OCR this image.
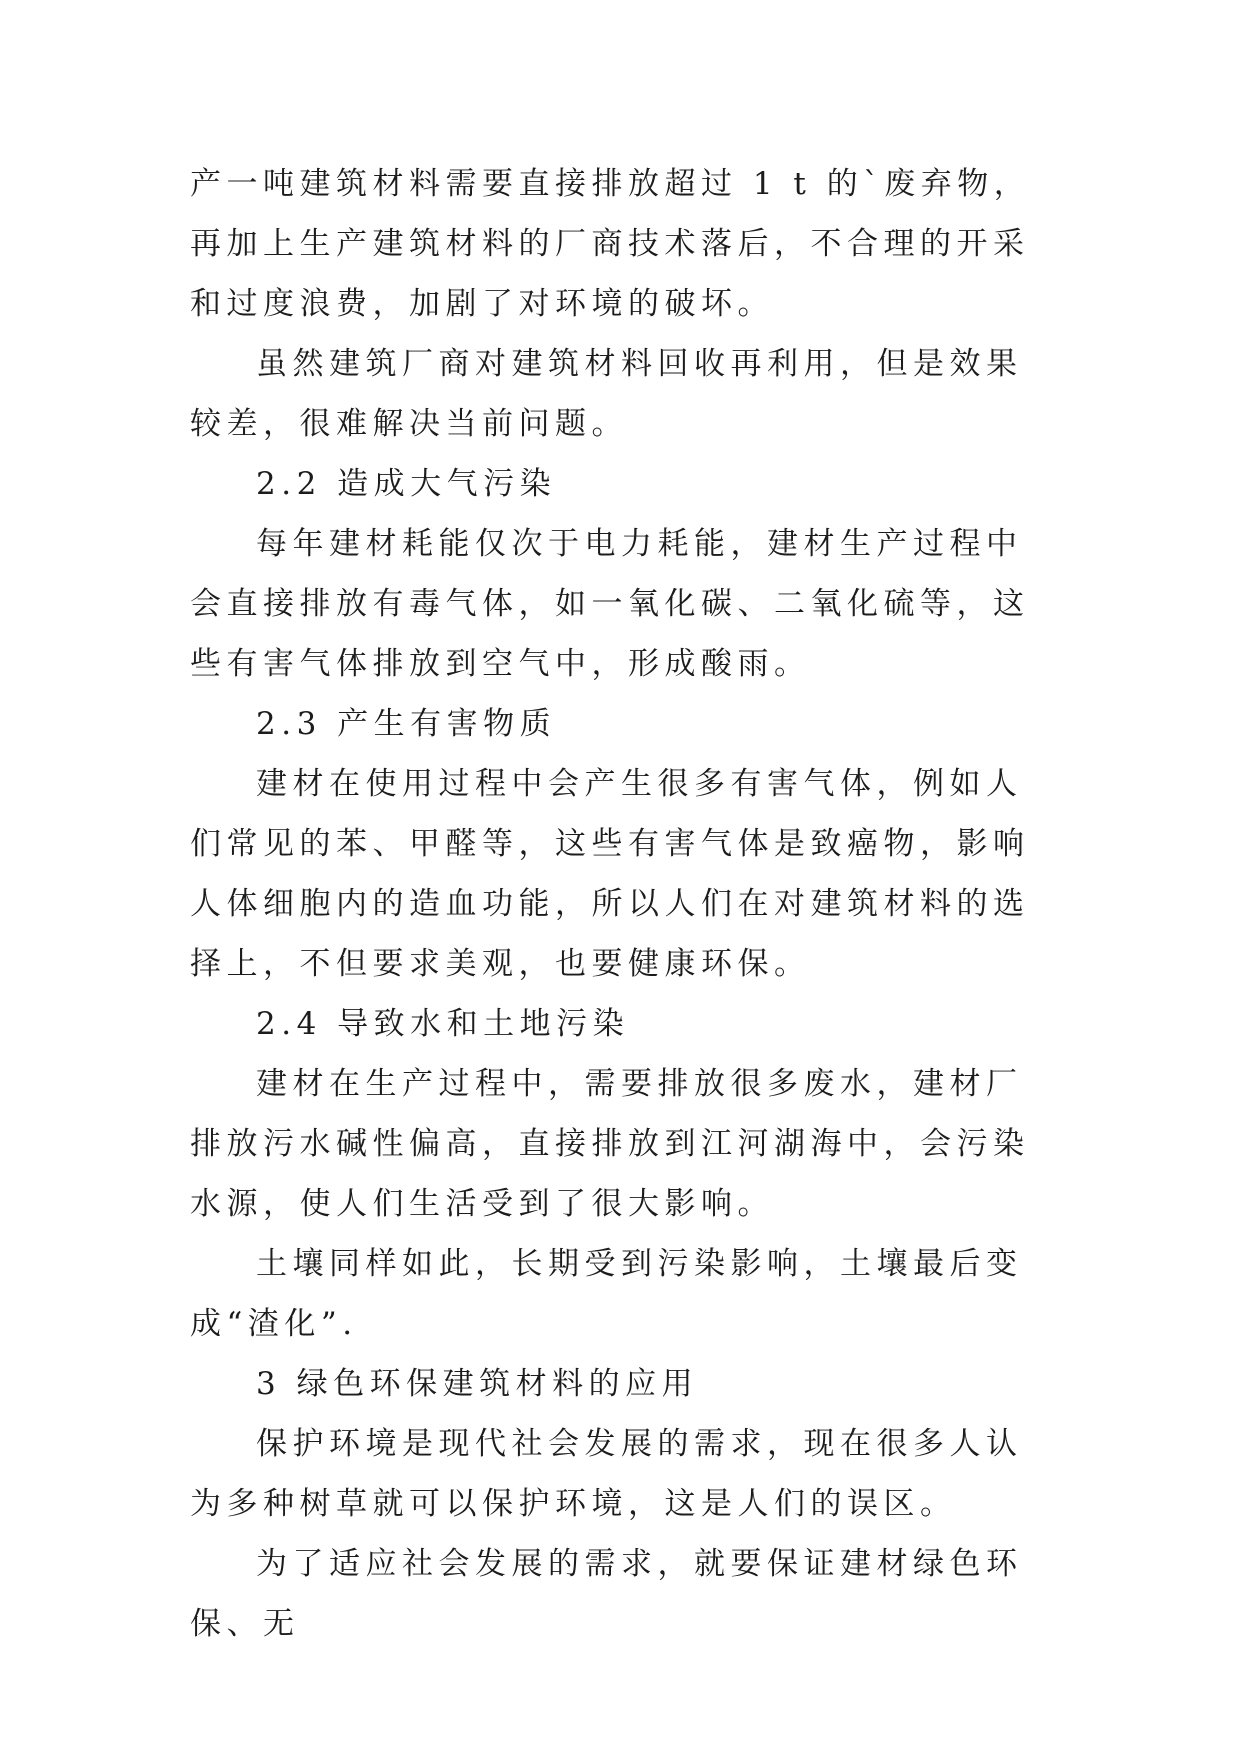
产一吨建筑材料需要直接排放超过 1 t 的`废弃物，再加上生产建筑材料的厂商技术落后，不合理的开采和过度浪费，加剧了对环境的破坏。

虽然建筑厂商对建筑材料回收再利用，但是效果较差，很难解决当前问题。

2.2 造成大气污染

每年建材耗能仅次于电力耗能，建材生产过程中会直接排放有毒气体，如一氧化碳、二氧化硫等，这些有害气体排放到空气中，形成酸雨。

2.3 产生有害物质

建材在使用过程中会产生很多有害气体，例如人们常见的苯、甲醛等，这些有害气体是致癌物，影响人体细胞内的造血功能，所以人们在对建筑材料的选择上，不但要求美观，也要健康环保。

2.4 导致水和土地污染

建材在生产过程中，需要排放很多废水，建材厂排放污水碱性偏高，直接排放到江河湖海中，会污染水源，使人们生活受到了很大影响。

土壤同样如此，长期受到污染影响，土壤最后变成“渣化”.

3 绿色环保建筑材料的应用

保护环境是现代社会发展的需求，现在很多人认为多种树草就可以保护环境，这是人们的误区。

为了适应社会发展的需求，就要保证建材绿色环保、无
